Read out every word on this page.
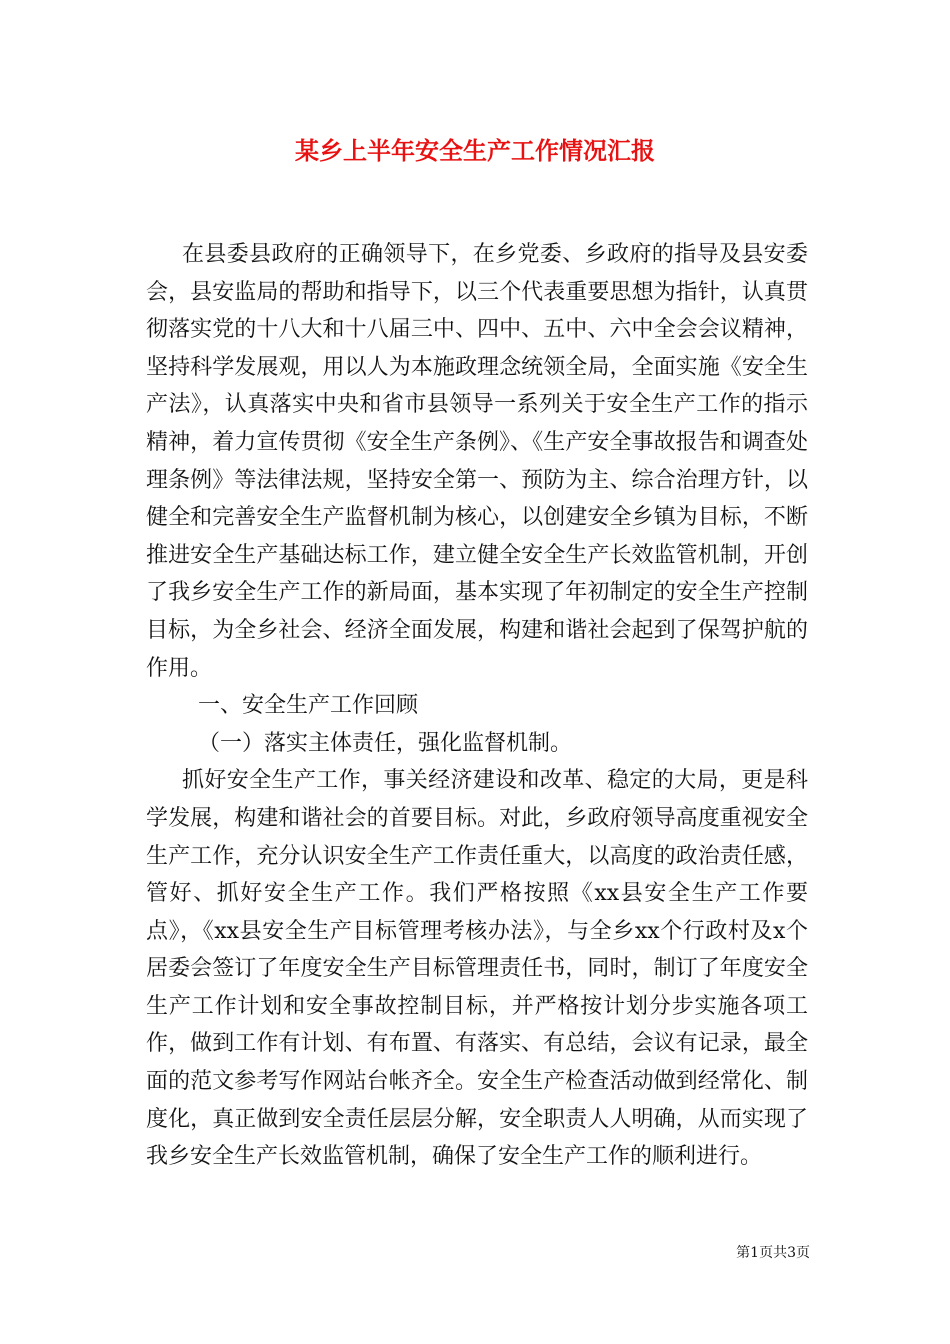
某乡上半年安全生产工作情况汇报

在县委县政府的正确领导下，在乡党委、乡政府的指导及县安委会，县安监局的帮助和指导下，以三个代表重要思想为指针，认真贯彻落实党的十八大和十八届三中、四中、五中、六中全会会议精神，坚持科学发展观，用以人为本施政理念统领全局，全面实施《安全生产法》，认真落实中央和省市县领导一系列关于安全生产工作的指示精神，着力宣传贯彻《安全生产条例》、《生产安全事故报告和调查处理条例》等法律法规，坚持安全第一、预防为主、综合治理方针，以健全和完善安全生产监督机制为核心，以创建安全乡镇为目标，不断推进安全生产基础达标工作，建立健全安全生产长效监管机制，开创了我乡安全生产工作的新局面，基本实现了年初制定的安全生产控制目标，为全乡社会、经济全面发展，构建和谐社会起到了保驾护航的作用。

一、安全生产工作回顾

（一）落实主体责任，强化监督机制。

抓好安全生产工作，事关经济建设和改革、稳定的大局，更是科学发展，构建和谐社会的首要目标。对此，乡政府领导高度重视安全生产工作，充分认识安全生产工作责任重大，以高度的政治责任感，管好、抓好安全生产工作。我们严格按照《xx县安全生产工作要点》，《xx县安全生产目标管理考核办法》，与全乡xx个行政村及x个居委会签订了年度安全生产目标管理责任书，同时，制订了年度安全生产工作计划和安全事故控制目标，并严格按计划分步实施各项工作，做到工作有计划、有布置、有落实、有总结，会议有记录，最全面的范文参考写作网站台帐齐全。安全生产检查活动做到经常化、制度化，真正做到安全责任层层分解，安全职责人人明确，从而实现了我乡安全生产长效监管机制，确保了安全生产工作的顺利进行。

第1页共3页
